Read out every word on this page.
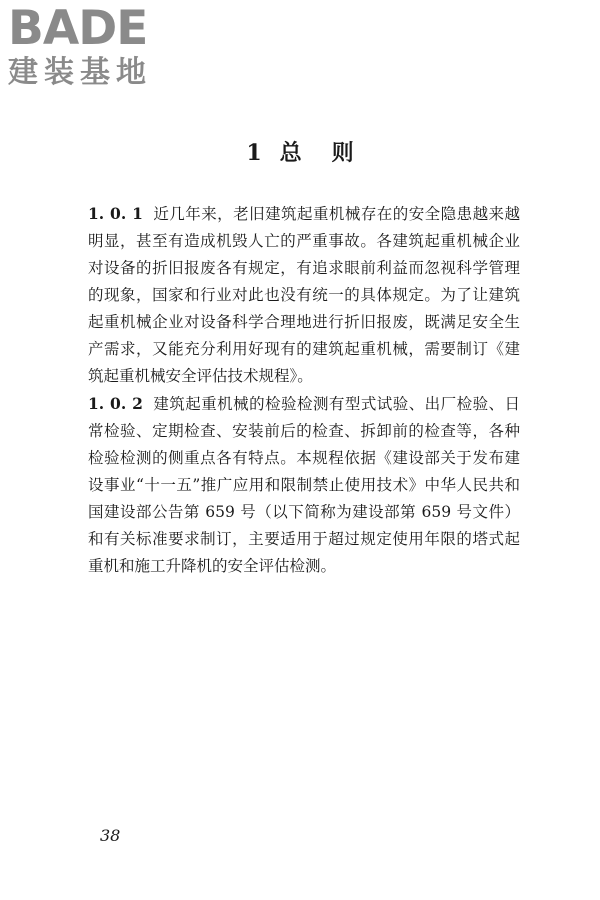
BADE
建装基地
1 总 则

1. 0. 1 近几年来，老旧建筑起重机械存在的安全隐患越来越明显，甚至有造成机毁人亡的严重事故。各建筑起重机械企业对设备的折旧报废各有规定，有追求眼前利益而忽视科学管理的现象，国家和行业对此也没有统一的具体规定。为了让建筑起重机械企业对设备科学合理地进行折旧报废，既满足安全生产需求，又能充分利用好现有的建筑起重机械，需要制订《建筑起重机械安全评估技术规程》。

1. 0. 2 建筑起重机械的检验检测有型式试验、出厂检验、日常检验、定期检查、安装前后的检查、拆卸前的检查等，各种检验检测的侧重点各有特点。本规程依据《建设部关于发布建设事业“十一五”推广应用和限制禁止使用技术》中华人民共和国建设部公告第 659 号（以下简称为建设部第 659 号文件）和有关标准要求制订，主要适用于超过规定使用年限的塔式起重机和施工升降机的安全评估检测。

38
